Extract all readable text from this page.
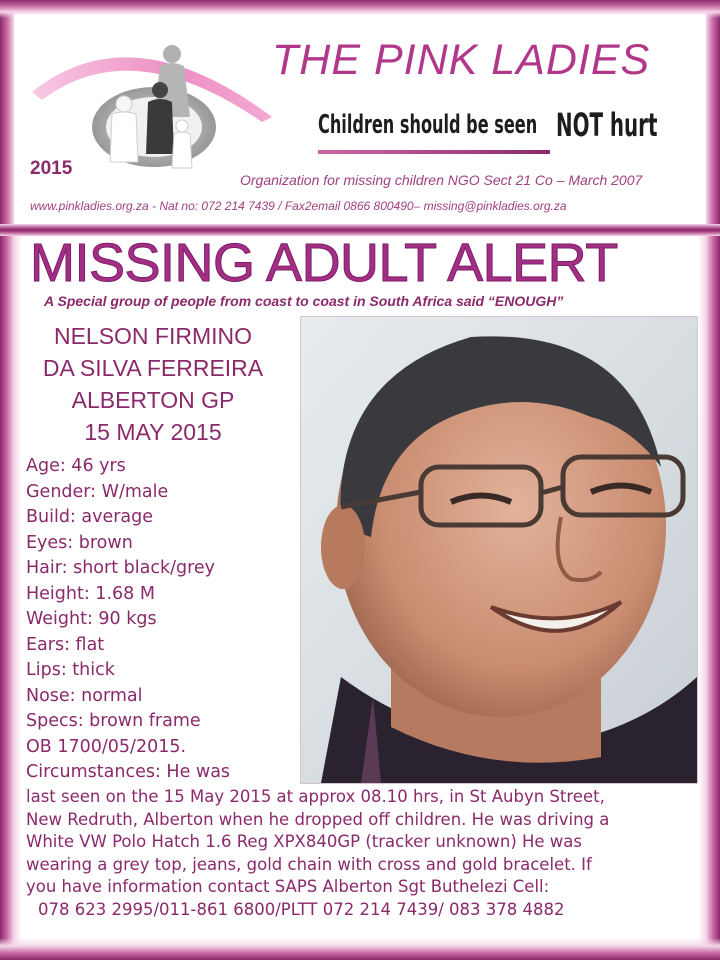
2015
THE PINK LADIES
Children should be seen NOT hurt
Organization for missing children NGO Sect 21 Co – March 2007
www.pinkladies.org.za - Nat no: 072 214 7439 / Fax2email 0866 800490– missing@pinkladies.org.za
MISSING ADULT ALERT
A Special group of people from coast to coast in South Africa said “ENOUGH”
NELSON FIRMINO
DA SILVA FERREIRA
ALBERTON GP
15 MAY 2015
Age: 46 yrs
Gender: W/male
Build: average
Eyes: brown
Hair: short black/grey
Height: 1.68 M
Weight: 90 kgs
Ears: flat
Lips: thick
Nose: normal
Specs: brown frame
OB 1700/05/2015.
Circumstances: He was
last seen on the 15 May 2015 at approx 08.10 hrs, in St Aubyn Street,
New Redruth, Alberton when he dropped off children. He was driving a
White VW Polo Hatch 1.6 Reg XPX840GP (tracker unknown) He was
wearing a grey top, jeans, gold chain with cross and gold bracelet. If
you have information contact SAPS Alberton Sgt Buthelezi Cell:
078 623 2995/011-861 6800/PLTT 072 214 7439/ 083 378 4882
